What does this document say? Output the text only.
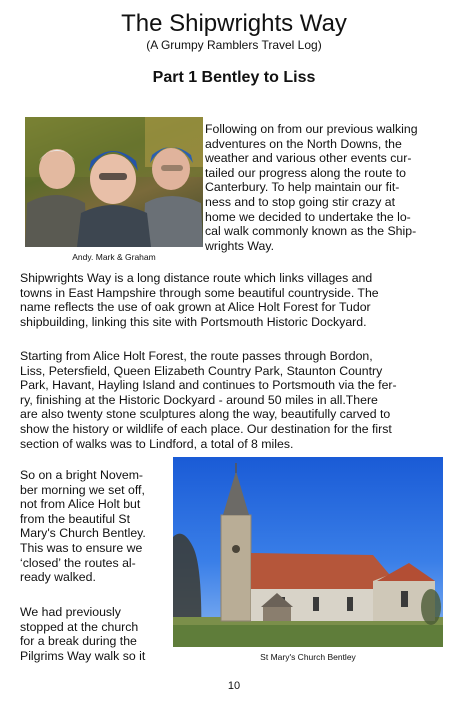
The Shipwrights Way
(A Grumpy Ramblers Travel Log)
Part 1 Bentley to Liss
Andy. Mark & Graham
Following on from our previous walking
adventures on the North Downs, the
weather and various other events cur-
tailed our progress along the route to
Canterbury. To help maintain our fit-
ness and to stop going stir crazy at
home we decided to undertake the lo-
cal walk commonly known as the Ship-
wrights Way.
Shipwrights Way is a long distance route which links villages and
towns in East Hampshire through some beautiful countryside. The
name reflects the use of oak grown at Alice Holt Forest for Tudor
shipbuilding, linking this site with Portsmouth Historic Dockyard.
Starting from Alice Holt Forest, the route passes through Bordon,
Liss, Petersfield, Queen Elizabeth Country Park, Staunton Country
Park, Havant, Hayling Island and continues to Portsmouth via the fer-
ry, finishing at the Historic Dockyard - around 50 miles in all.There
are also twenty stone sculptures along the way, beautifully carved to
show the history or wildlife of each place. Our destination for the first
section of walks was to Lindford, a total of 8 miles.
So on a bright Novem-
ber morning we set off,
not from Alice Holt but
from the beautiful St
Mary's Church Bentley.
This was to ensure we
‘closed’ the routes al-
ready walked.
We had previously
stopped at the church
for a break during the
Pilgrims Way walk so it	St Mary's Church Bentley
10
